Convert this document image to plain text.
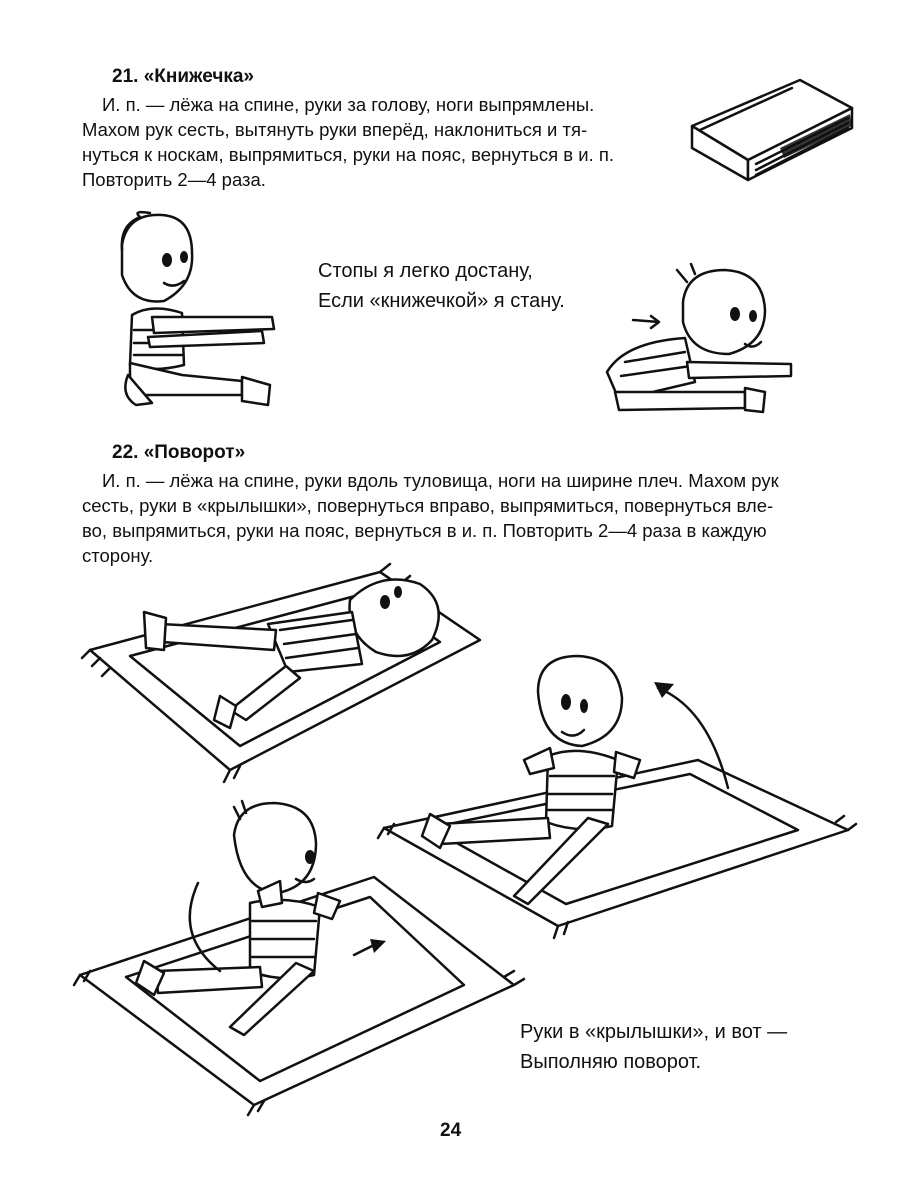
21. «Книжечка»
И. п. — лёжа на спине, руки за голову, ноги выпрямлены.
Махом рук сесть, вытянуть руки вперёд, наклониться и тя-
нуться к носкам, выпрямиться, руки на пояс, вернуться в и. п.
Повторить 2—4 раза.
Стопы я легко достану,
Если «книжечкой» я стану.
22. «Поворот»
И. п. — лёжа на спине, руки вдоль туловища, ноги на ширине плеч. Махом рук
сесть, руки в «крылышки», повернуться вправо, выпрямиться, повернуться вле-
во, выпрямиться, руки на пояс, вернуться в и. п. Повторить 2—4 раза в каждую
сторону.
Руки в «крылышки», и вот —
Выполняю поворот.
24
